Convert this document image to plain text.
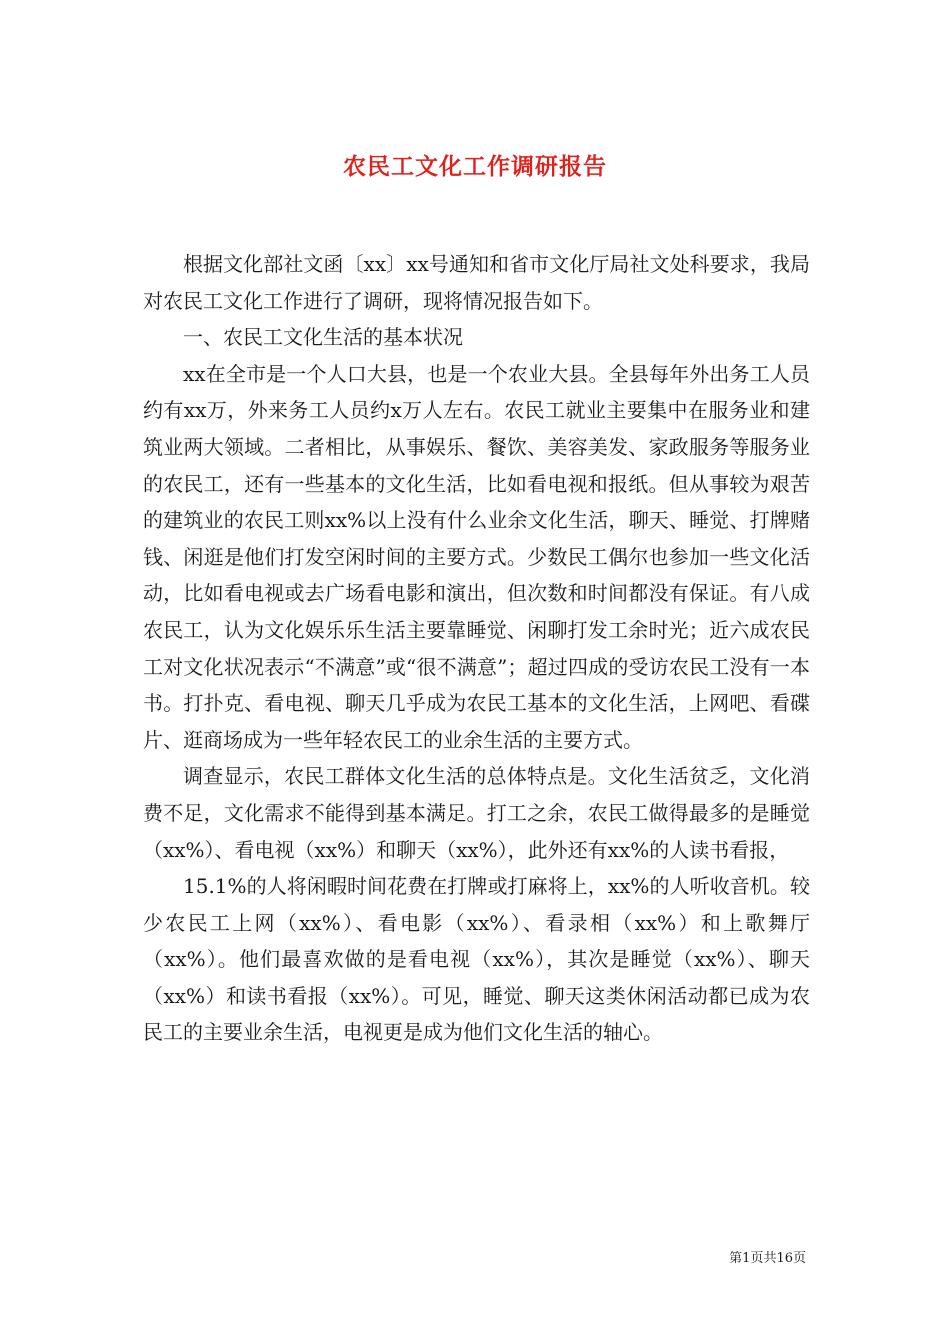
农民工文化工作调研报告

根据文化部社文函〔xx〕xx号通知和省市文化厅局社文处科要求，我局对农民工文化工作进行了调研，现将情况报告如下。

一、农民工文化生活的基本状况

xx在全市是一个人口大县，也是一个农业大县。全县每年外出务工人员约有xx万，外来务工人员约x万人左右。农民工就业主要集中在服务业和建筑业两大领域。二者相比，从事娱乐、餐饮、美容美发、家政服务等服务业的农民工，还有一些基本的文化生活，比如看电视和报纸。但从事较为艰苦的建筑业的农民工则xx%以上没有什么业余文化生活，聊天、睡觉、打牌赌钱、闲逛是他们打发空闲时间的主要方式。少数民工偶尔也参加一些文化活动，比如看电视或去广场看电影和演出，但次数和时间都没有保证。有八成农民工，认为文化娱乐乐生活主要靠睡觉、闲聊打发工余时光；近六成农民工对文化状况表示“不满意”或“很不满意”；超过四成的受访农民工没有一本书。打扑克、看电视、聊天几乎成为农民工基本的文化生活，上网吧、看碟片、逛商场成为一些年轻农民工的业余生活的主要方式。

调查显示，农民工群体文化生活的总体特点是。文化生活贫乏，文化消费不足，文化需求不能得到基本满足。打工之余，农民工做得最多的是睡觉（xx%）、看电视（xx%）和聊天（xx%），此外还有xx%的人读书看报，

15.1%的人将闲暇时间花费在打牌或打麻将上，xx%的人听收音机。较少农民工上网（xx%）、看电影（xx%）、看录相（xx%）和上歌舞厅（xx%）。他们最喜欢做的是看电视（xx%），其次是睡觉（xx%）、聊天（xx%）和读书看报（xx%）。可见，睡觉、聊天这类休闲活动都已成为农民工的主要业余生活，电视更是成为他们文化生活的轴心。

第1页共16页
